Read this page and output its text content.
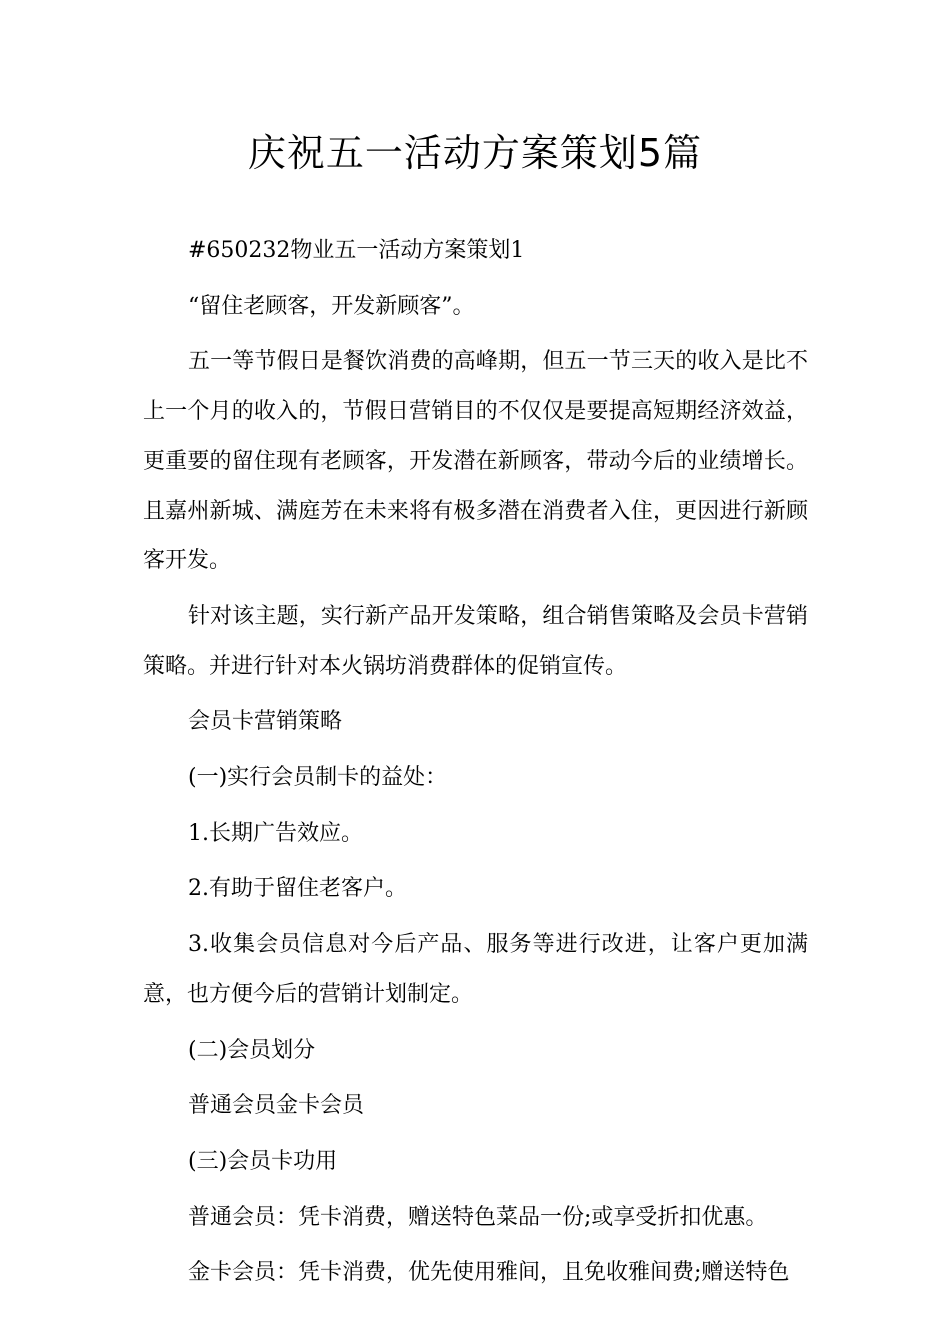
庆祝五一活动方案策划5篇

#650232物业五一活动方案策划1

“留住老顾客，开发新顾客”。

五一等节假日是餐饮消费的高峰期，但五一节三天的收入是比不上一个月的收入的，节假日营销目的不仅仅是要提高短期经济效益，更重要的留住现有老顾客，开发潜在新顾客，带动今后的业绩增长。且嘉州新城、满庭芳在未来将有极多潜在消费者入住，更因进行新顾客开发。

针对该主题，实行新产品开发策略，组合销售策略及会员卡营销策略。并进行针对本火锅坊消费群体的促销宣传。

会员卡营销策略

(一)实行会员制卡的益处：

1.长期广告效应。

2.有助于留住老客户。

3.收集会员信息对今后产品、服务等进行改进，让客户更加满意，也方便今后的营销计划制定。

(二)会员划分

普通会员金卡会员

(三)会员卡功用

普通会员：凭卡消费，赠送特色菜品一份;或享受折扣优惠。

金卡会员：凭卡消费，优先使用雅间，且免收雅间费;赠送特色
